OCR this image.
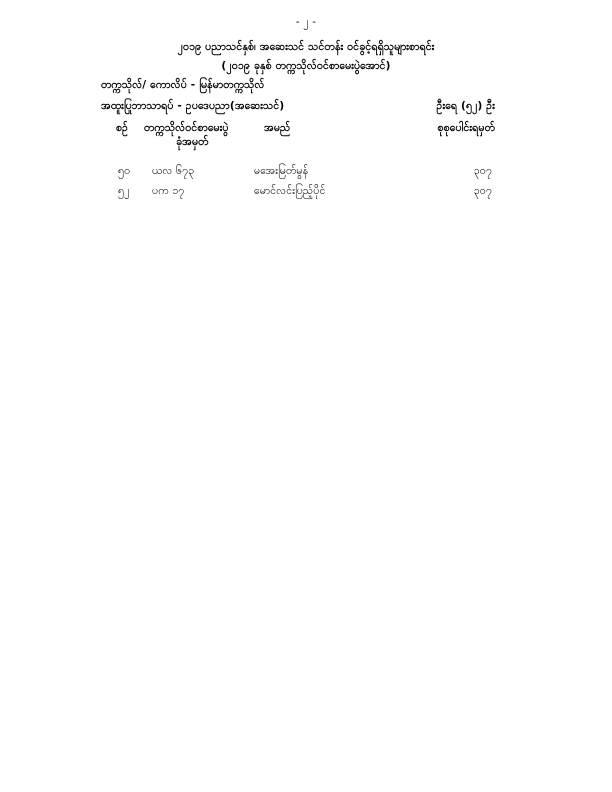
- ၂ -
၂၀၁၉ ပညာသင်နှစ်၊ အဆေးသင် သင်တန်း ဝင်ခွင့်ရရှိသူများစာရင်း
(၂၀၁၉ ခုနှစ် တက္ကသိုလ်ဝင်စာမေးပွဲအောင်)
တက္ကသိုလ်/ ကောလိပ် - မြန်မာတက္ကသိုလ်
အထူးပြုဘာသာရပ် - ဥပဒေပညာ(အဆေးသင်)	ဦးရေ (၅၂) ဦး
စဉ် တက္ကသိုလ်ဝင်စာမေးပွဲ
ခုံအမှတ်
အမည်	စုစုပေါင်းရမှတ်
၅၀ ယလ ၆၇၃	မအေးမြတ်မွန်	၃၀၇
၅၂ ပက ၁၇	မောင်လင်းပြည့်ပိုင်	၃၀၇
